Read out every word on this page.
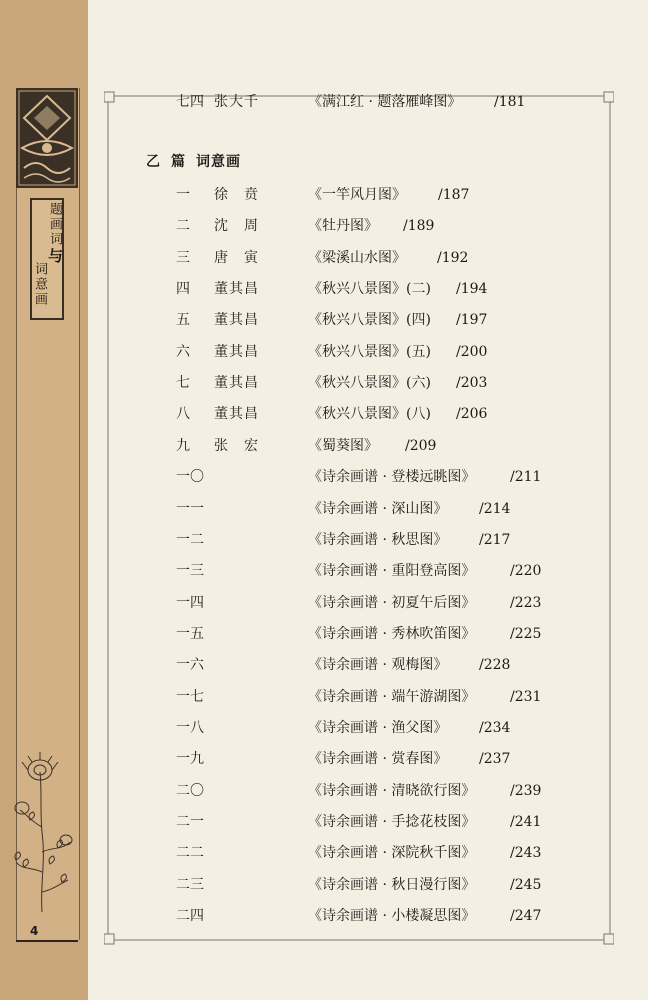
题画词
与
词意画
4
七四 张大千	《满江红 · 题落雁峰图》 /181
乙 篇 词意画
一 徐　贲	《一竿风月图》 /187
二 沈　周	《牡丹图》 /189
三 唐　寅	《梁溪山水图》 /192
四 董其昌	《秋兴八景图》(二) /194
五 董其昌	《秋兴八景图》(四) /197
六 董其昌	《秋兴八景图》(五) /200
七 董其昌	《秋兴八景图》(六) /203
八 董其昌	《秋兴八景图》(八) /206
九 张　宏	《蜀葵图》 /209
一〇	《诗余画谱 · 登楼远眺图》 /211
一一	《诗余画谱 · 深山图》 /214
一二	《诗余画谱 · 秋思图》 /217
一三	《诗余画谱 · 重阳登高图》 /220
一四	《诗余画谱 · 初夏午后图》 /223
一五	《诗余画谱 · 秀林吹笛图》 /225
一六	《诗余画谱 · 观梅图》 /228
一七	《诗余画谱 · 端午游湖图》 /231
一八	《诗余画谱 · 渔父图》 /234
一九	《诗余画谱 · 赏春图》 /237
二〇	《诗余画谱 · 清晓欲行图》 /239
二一	《诗余画谱 · 手捻花枝图》 /241
二二	《诗余画谱 · 深院秋千图》 /243
二三	《诗余画谱 · 秋日漫行图》 /245
二四	《诗余画谱 · 小楼凝思图》 /247
